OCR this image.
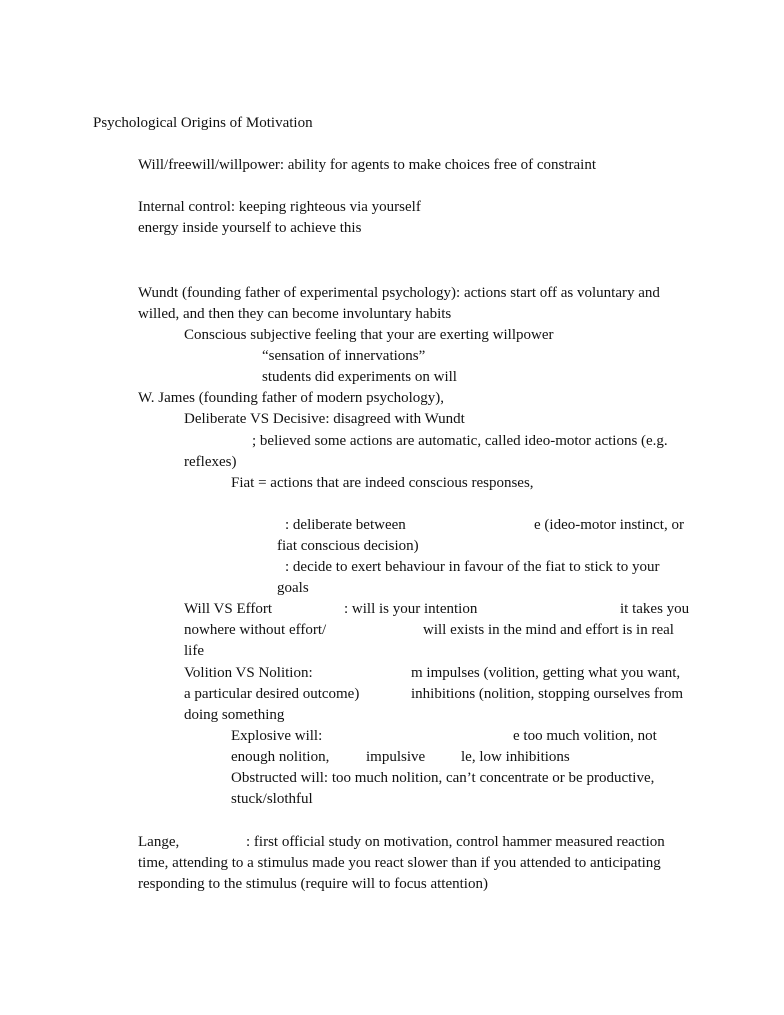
Psychological Origins of Motivation

Will/freewill/willpower: ability for agents to make choices free of constraint

Internal control: keeping righteous via yourself

energy inside yourself to achieve this

Wundt (founding father of experimental psychology): actions start off as voluntary and

willed, and then they can become involuntary habits

Conscious subjective feeling that your are exerting willpower

“sensation of innervations”

students did experiments on will

W. James (founding father of modern psychology),

Deliberate VS Decisive: disagreed with Wundt

; believed some actions are automatic, called ideo-motor actions (e.g.

reflexes)

Fiat = actions that are indeed conscious responses,

: deliberate between	e (ideo-motor instinct, or

fiat conscious decision)

: decide to exert behaviour in favour of the fiat to stick to your

goals

Will VS Effort	: will is your intention	it takes you

nowhere without effort/	will exists in the mind and effort is in real

life

Volition VS Nolition:	m impulses (volition, getting what you want,

a particular desired outcome)	inhibitions (nolition, stopping ourselves from

doing something

Explosive will:	e too much volition, not

enough nolition, impulsive le, low inhibitions

Obstructed will: too much nolition, can’t concentrate or be productive,

stuck/slothful

Lange,	: first official study on motivation, control hammer measured reaction

time, attending to a stimulus made you react slower than if you attended to anticipating

responding to the stimulus (require will to focus attention)
